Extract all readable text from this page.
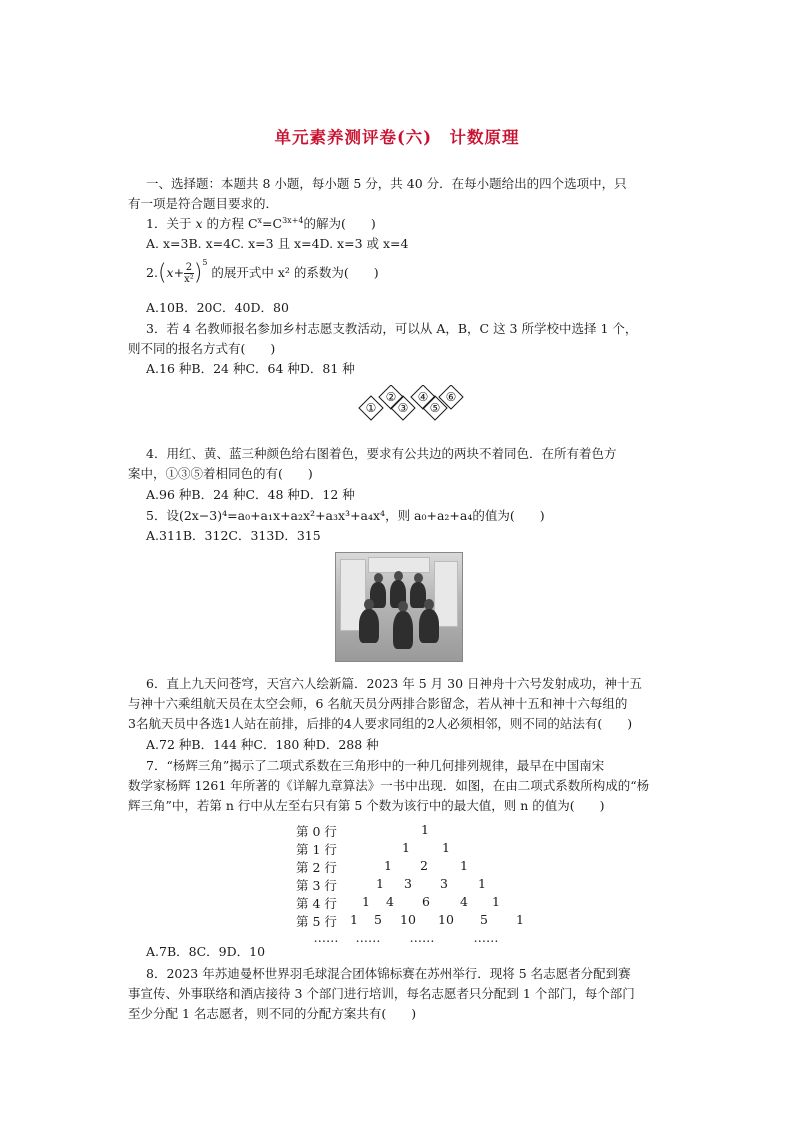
单元素养测评卷(六)　计数原理
一、选择题：本题共 8 小题，每小题 5 分，共 40 分．在每小题给出的四个选项中，只
有一项是符合题目要求的．
1．关于 x 的方程 $C^x=C^{3x+4}$的解为(　　)
A. x=3B. x=4C. x=3 且 x=4D. x=3 或 x=4
$2.(x+ \frac{2}{\text{x²}} )^5$ 的展开式中 x² 的系数为(　　)
A.10B．20C．40D．80
3．若 4 名教师报名参加乡村志愿支教活动，可以从 A，B，C 这 3 所学校中选择 1 个，
则不同的报名方式有(　　)
A.16 种B．24 种C．64 种D．81 种
①
②
③
④
⑤
⑥
4．用红、黄、蓝三种颜色给右图着色，要求有公共边的两块不着同色．在所有着色方
案中，①③⑤着相同色的有(　　)
A.96 种B．24 种C．48 种D．12 种
5．设(2x−3)⁴=a₀+a₁x+a₂x²+a₃x³+a₄x⁴，则 a₀+a₂+a₄的值为(　　)
A.311B．312C．313D．315
6．直上九天问苍穹，天宫六人绘新篇．2023 年 5 月 30 日神舟十六号发射成功，神十五
与神十六乘组航天员在太空会师，6 名航天员分两排合影留念，若从神十五和神十六每组的
3名航天员中各选1人站在前排，后排的4人要求同组的2人必须相邻，则不同的站法有(　　)
A.72 种B．144 种C．180 种D．288 种
7．“杨辉三角”揭示了二项式系数在三角形中的一种几何排列规律，最早在中国南宋
数学家杨辉 1261 年所著的《详解九章算法》一书中出现．如图，在由二项式系数所构成的“杨
辉三角”中，若第 n 行中从左至右只有第 5 个数为该行中的最大值，则 n 的值为(　　)
第 0 行	1
第 1 行	1	1
第 2 行	1 2	1
第 3 行	1 3 3 1
第 4 行 1 4 6 4 1
第 5 行 1 5 10 10 5 1
…… …… ……	……
A.7B．8C．9D．10
8．2023 年苏迪曼杯世界羽毛球混合团体锦标赛在苏州举行．现将 5 名志愿者分配到赛
事宣传、外事联络和酒店接待 3 个部门进行培训，每名志愿者只分配到 1 个部门，每个部门
至少分配 1 名志愿者，则不同的分配方案共有(　　)
